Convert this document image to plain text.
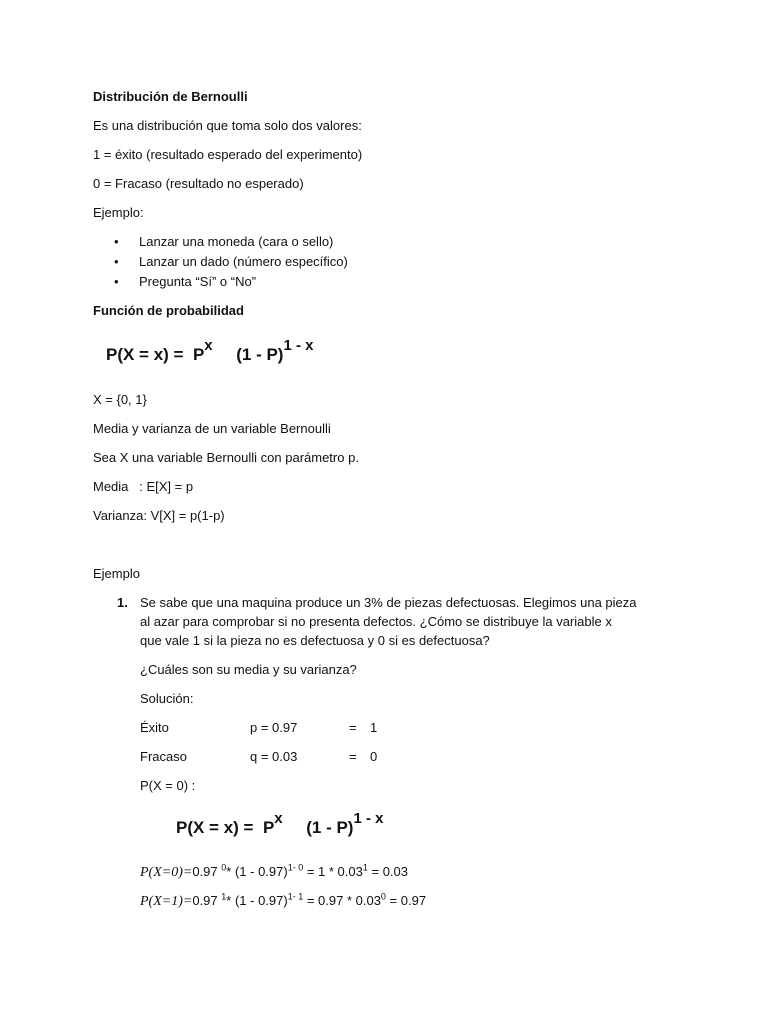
Distribución de Bernoulli
Es una distribución que toma solo dos valores:
1 = éxito (resultado esperado del experimento)
0 = Fracaso (resultado no esperado)
Ejemplo:
• Lanzar una moneda (cara o sello)
• Lanzar un dado (número específico)
• Pregunta “Sí” o “No”
Función de probabilidad
P(X = x) = Px (1 - P)1 - x
X = {0, 1}
Media y varianza de un variable Bernoulli
Sea X una variable Bernoulli con parámetro p.
Media   : E[X] = p
Varianza: V[X] = p(1-p)
Ejemplo
1. Se sabe que una maquina produce un 3% de piezas defectuosas. Elegimos una pieza
al azar para comprobar si no presenta defectos. ¿Cómo se distribuye la variable x
que vale 1 si la pieza no es defectuosa y 0 si es defectuosa?
¿Cuáles son su media y su varianza?
Solución:
Éxito	p = 0.97	= 1
Fracaso	q = 0.03	= 0
P(X = 0) :
P(X = x) = Px (1 - P)1 - x
P(X=0)=0.97 $^0$* $(1 - 0.97)^{1- 0} = 1 * 0.03^1 = 0.03$
P(X=1)=0.97 $^1$* $(1 - 0.97)^{1- 1} = 0.97 * 0.03^0 = 0.97$
